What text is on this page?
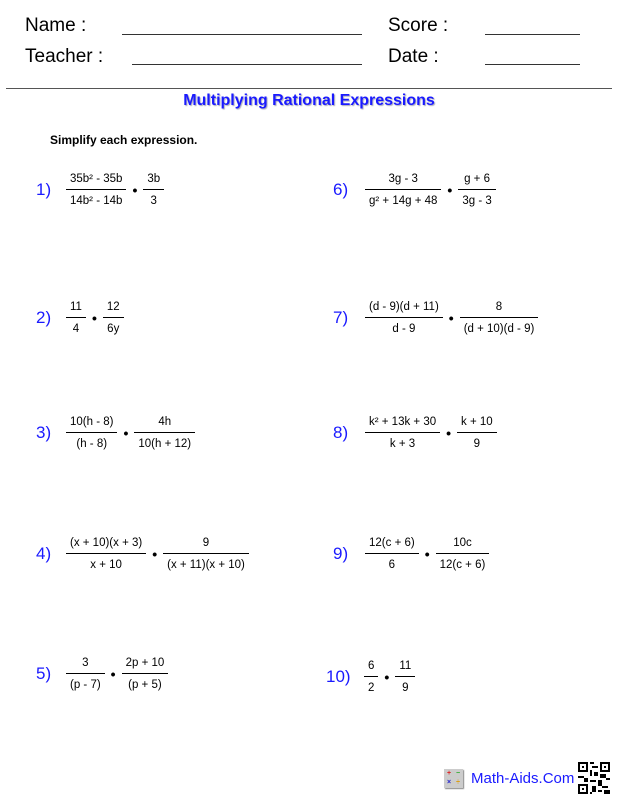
Name :
Teacher :
Score :
Date :
Multiplying Rational Expressions
Simplify each expression.
1)	$\frac{\text{35b² - 35b}}{\text{14b² - 14b}}$ • $\frac{3b}{3}$
2)	$\frac{11}{4}$ • $\frac{12}{6y}$
3)	$\frac{10(h - 8)}{(h - 8)}$ • $\frac{4h}{10(h + 12)}$
4)	$\frac{(x + 10)(x + 3)}{x + 10}$ • $\frac{9}{(x + 11)(x + 10)}$
5)	$\frac{3}{(p - 7)}$ • $\frac{2p + 10}{(p + 5)}$
6)	$\frac{3g - 3}{\text{g² + 14g + 48}}$ • $\frac{g + 6}{3g - 3}$
7)	$\frac{(d - 9)(d + 11)}{d - 9}$ • $\frac{8}{(d + 10)(d - 9)}$
8)	$\frac{\text{k² + 13k + 30}}{k + 3}$ • $\frac{k + 10}{9}$
9)	$\frac{12(c + 6)}{6}$ • $\frac{10c}{12(c + 6)}$
10)	$\frac{6}{2}$ • $\frac{11}{9}$
+ −
× ÷ Math-Aids.Com
